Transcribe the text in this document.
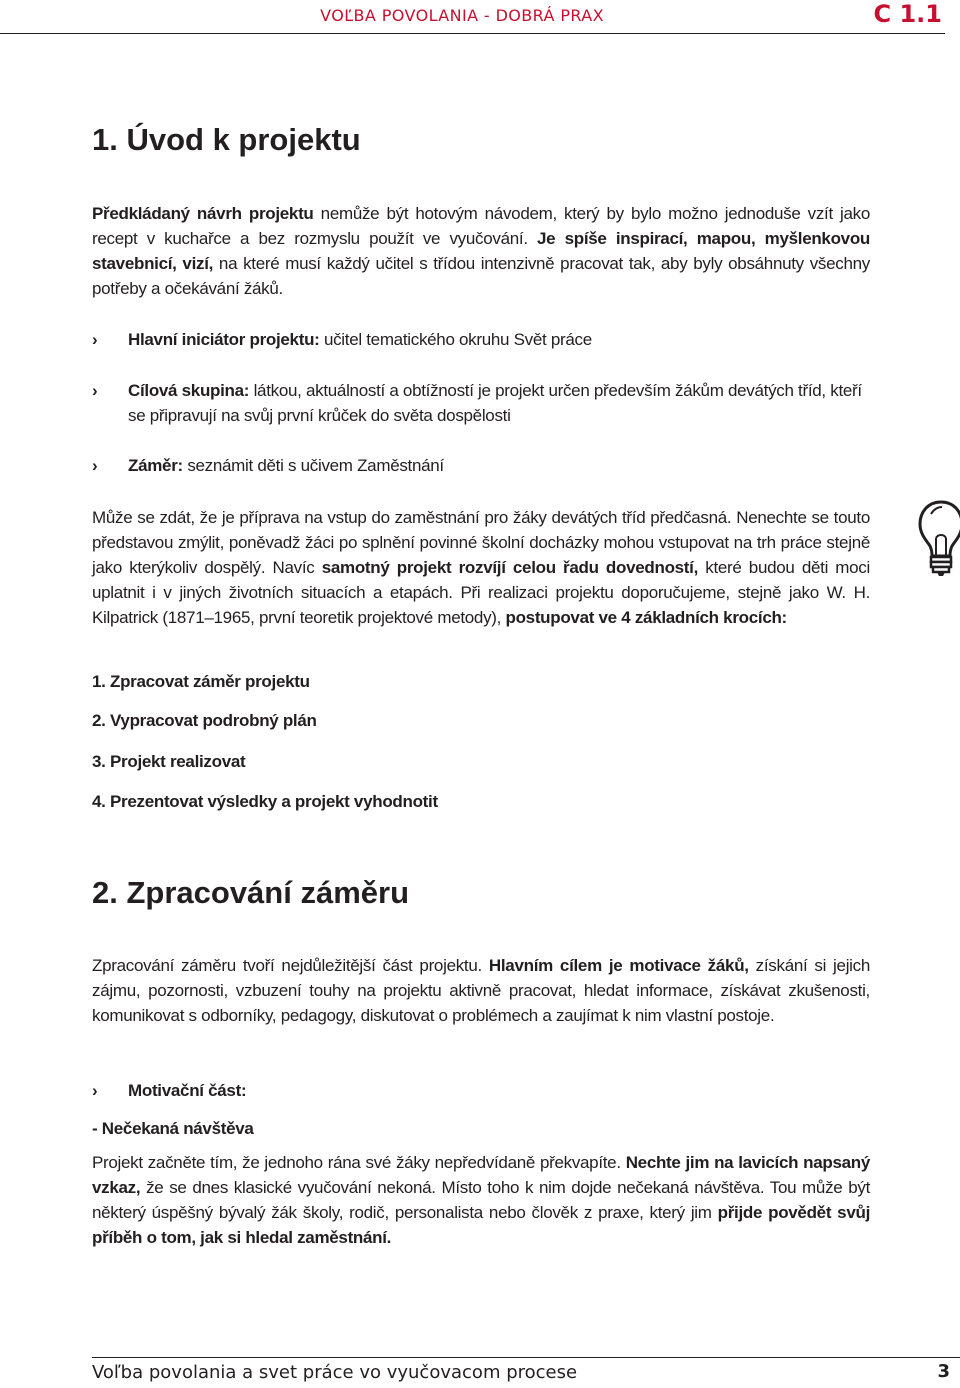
VOĽBA POVOLANIA - DOBRÁ PRAX	C 1.1
1. Úvod k projektu

Předkládaný návrh projektu nemůže být hotovým návodem, který by bylo možno jednoduše vzít jako recept v kuchařce a bez rozmyslu použít ve vyučování. Je spíše inspirací, mapou, myšlenkovou stavebnicí, vizí, na které musí každý učitel s třídou intenzivně pracovat tak, aby byly obsáhnuty všechny potřeby a očekávání žáků.

› Hlavní iniciátor projektu: učitel tematického okruhu Svět práce
› Cílová skupina: látkou, aktuálností a obtížností je projekt určen především žákům devátých tříd, kteří se připravují na svůj první krůček do světa dospělosti
› Záměr: seznámit děti s učivem Zaměstnání

Může se zdát, že je příprava na vstup do zaměstnání pro žáky devátých tříd předčasná. Nenechte se touto představou zmýlit, poněvadž žáci po splnění povinné školní docházky mohou vstupovat na trh práce stejně jako kterýkoliv dospělý. Navíc samotný projekt rozvíjí celou řadu dovedností, které budou děti moci uplatnit i v jiných životních situacích a etapách. Při realizaci projektu doporučujeme, stejně jako W. H. Kilpatrick (1871–1965, první teoretik projektové metody), postupovat ve 4 základních krocích:

1. Zpracovat záměr projektu
2. Vypracovat podrobný plán
3. Projekt realizovat
4. Prezentovat výsledky a projekt vyhodnotit
2. Zpracování záměru

Zpracování záměru tvoří nejdůležitější část projektu. Hlavním cílem je motivace žáků, získání si jejich zájmu, pozornosti, vzbuzení touhy na projektu aktivně pracovat, hledat informace, získávat zkušenosti, komunikovat s odborníky, pedagogy, diskutovat o problémech a zaujímat k nim vlastní postoje.

› Motivační část:
- Nečekaná návštěva

Projekt začněte tím, že jednoho rána své žáky nepředvídaně překvapíte. Nechte jim na lavicích napsaný vzkaz, že se dnes klasické vyučování nekoná. Místo toho k nim dojde nečekaná návštěva. Tou může být některý úspěšný bývalý žák školy, rodič, personalista nebo člověk z praxe, který jim přijde povědět svůj příběh o tom, jak si hledal zaměstnání.

Voľba povolania a svet práce vo vyučovacom procese	3
